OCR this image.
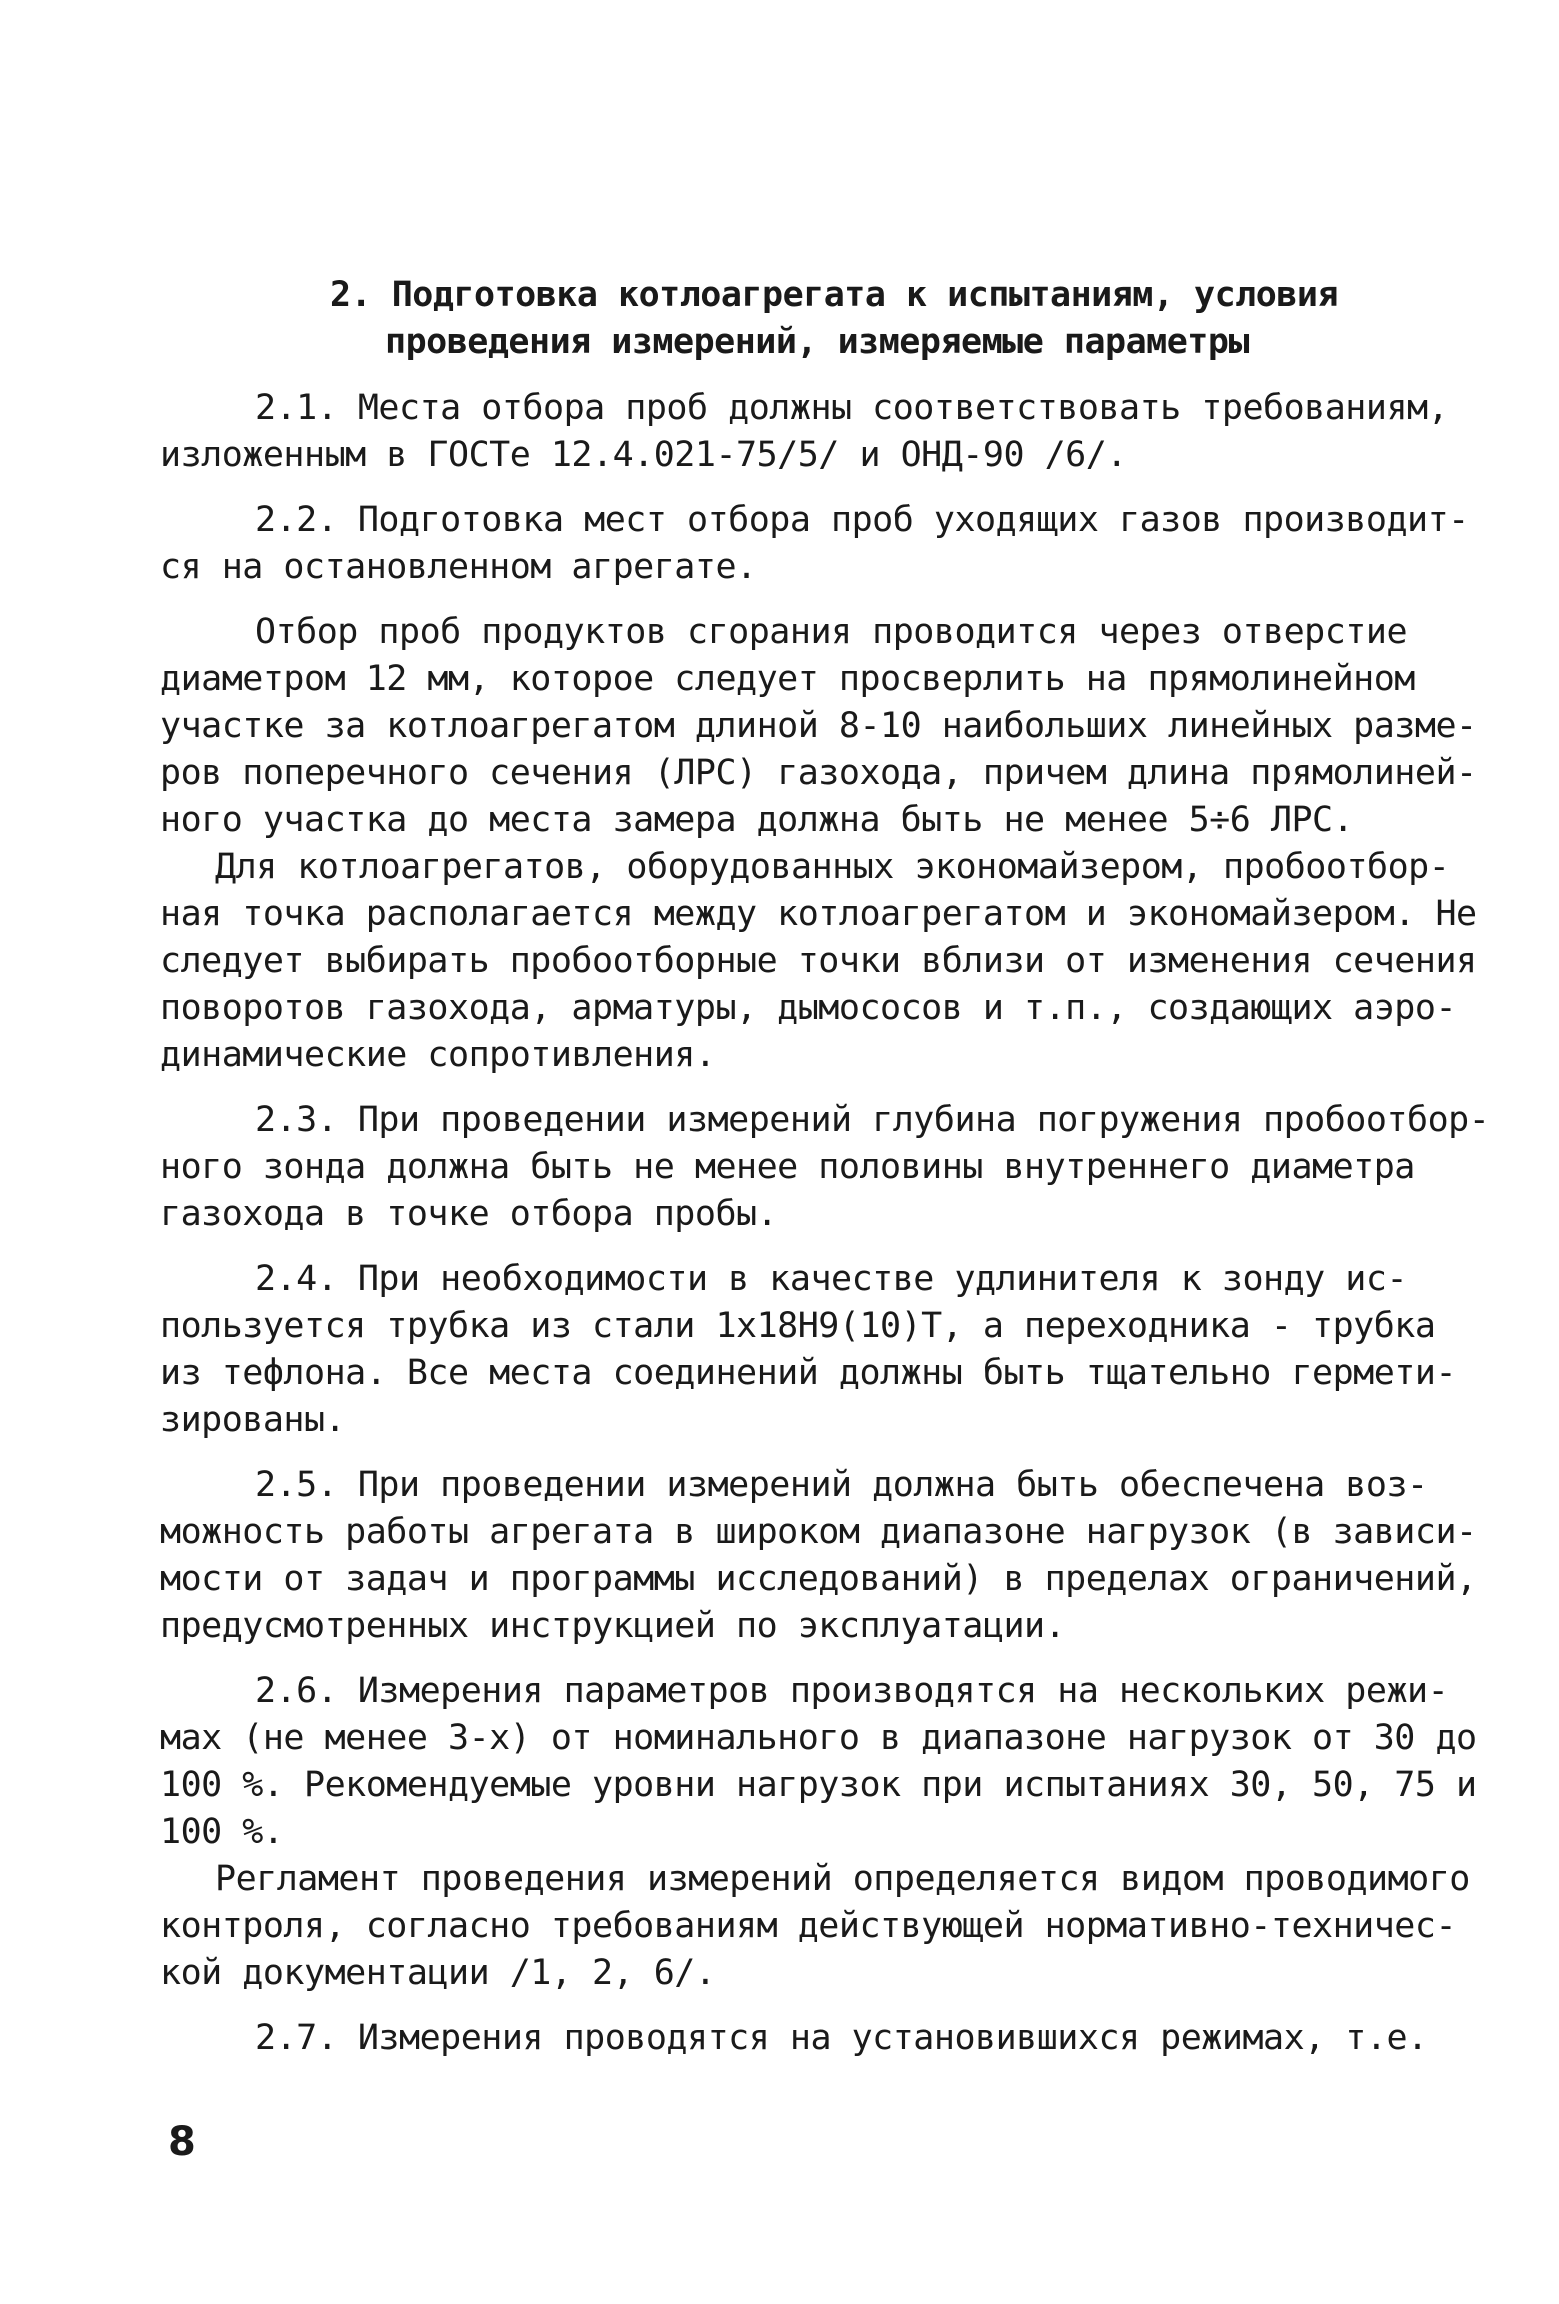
2. Подготовка котлоагрегата к испытаниям, условия
проведения измерений, измеряемые параметры
2.1. Места отбора проб должны соответствовать требованиям,
изложенным в ГОСТе 12.4.021-75/5/ и ОНД-90 /6/.
2.2. Подготовка мест отбора проб уходящих газов производит-
ся на остановленном агрегате.
Отбор проб продуктов сгорания проводится через отверстие
диаметром 12 мм, которое следует просверлить на прямолинейном
участке за котлоагрегатом длиной 8-10 наибольших линейных разме-
ров поперечного сечения (ЛРС) газохода, причем длина прямолиней-
ного участка до места замера должна быть не менее 5÷6 ЛРС.
Для котлоагрегатов, оборудованных экономайзером, пробоотбор-
ная точка располагается между котлоагрегатом и экономайзером. Не
следует выбирать пробоотборные точки вблизи от изменения сечения
поворотов газохода, арматуры, дымососов и т.п., создающих аэро-
динамические сопротивления.
2.3. При проведении измерений глубина погружения пробоотбор-
ного зонда должна быть не менее половины внутреннего диаметра
газохода в точке отбора пробы.
2.4. При необходимости в качестве удлинителя к зонду ис-
пользуется трубка из стали 1x18Н9(10)Т, а переходника - трубка
из тефлона. Все места соединений должны быть тщательно гермети-
зированы.
2.5. При проведении измерений должна быть обеспечена воз-
можность работы агрегата в широком диапазоне нагрузок (в зависи-
мости от задач и программы исследований) в пределах ограничений,
предусмотренных инструкцией по эксплуатации.
2.6. Измерения параметров производятся на нескольких режи-
мах (не менее 3-х) от номинального в диапазоне нагрузок от 30 до
100 %. Рекомендуемые уровни нагрузок при испытаниях 30, 50, 75 и
100 %.
Регламент проведения измерений определяется видом проводимого
контроля, согласно требованиям действующей нормативно-техничес-
кой документации /1, 2, 6/.
2.7. Измерения проводятся на установившихся режимах, т.е.
8
